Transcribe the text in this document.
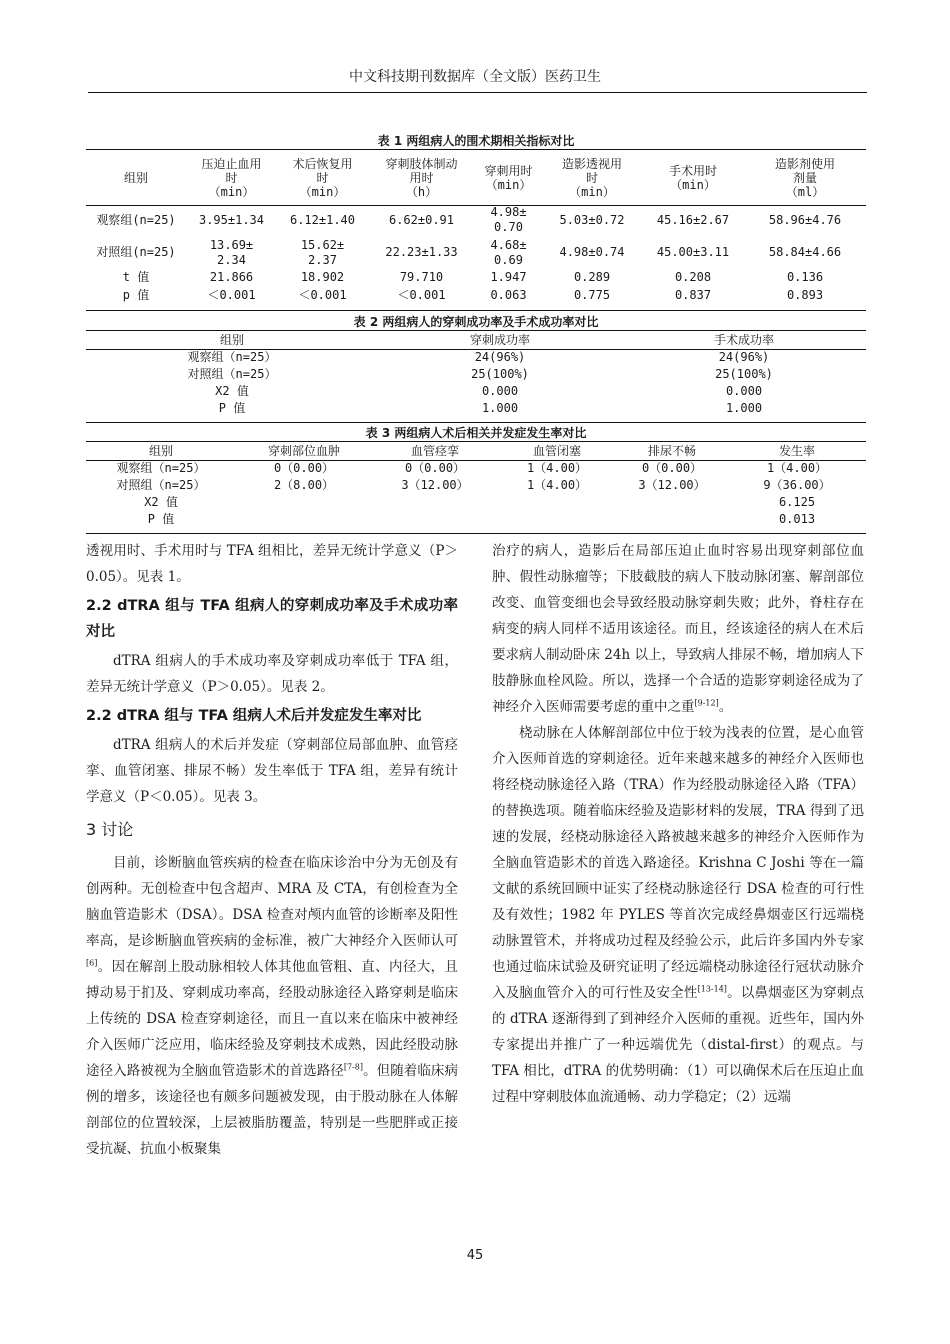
中文科技期刊数据库（全文版）医药卫生
表 1 两组病人的围术期相关指标对比
组别	压迫止血用
时
（min）	术后恢复用
时
（min）	穿刺肢体制动
用时
（h）	穿刺用时
（min）	造影透视用
时
（min）	手术用时
（min）	造影剂使用
剂量
（ml）
观察组(n=25)	3.95±1.34	6.12±1.40	6.62±0.91	4.98±
0.70	5.03±0.72	45.16±2.67	58.96±4.76
对照组(n=25)	13.69±
2.34	15.62±
2.37	22.23±1.33	4.68±
0.69	4.98±0.74	45.00±3.11	58.84±4.66
t 值	21.866	18.902	79.710	1.947	0.289	0.208	0.136
p 值	＜0.001	＜0.001	＜0.001	0.063	0.775	0.837	0.893
表 2 两组病人的穿刺成功率及手术成功率对比
组别	穿刺成功率	手术成功率
观察组（n=25）	24(96%)	24(96%)
对照组（n=25）	25(100%)	25(100%)
X2 值	0.000	0.000
P 值	1.000	1.000
表 3 两组病人术后相关并发症发生率对比
组别	穿刺部位血肿	血管痉挛	血管闭塞	排尿不畅	发生率
观察组（n=25）	0（0.00）	0（0.00）	1（4.00）	0（0.00）	1（4.00）
对照组（n=25）	2（8.00）	3（12.00）	1（4.00）	3（12.00）	9（36.00）
X2 值					6.125
P 值					0.013

透视用时、手术用时与 TFA 组相比，差异无统计学意义（P＞0.05）。见表 1。

2.2 dTRA 组与 TFA 组病人的穿刺成功率及手术成功率对比

dTRA 组病人的手术成功率及穿刺成功率低于 TFA 组，差异无统计学意义（P＞0.05）。见表 2。

2.2 dTRA 组与 TFA 组病人术后并发症发生率对比

dTRA 组病人的术后并发症（穿刺部位局部血肿、血管痉挛、血管闭塞、排尿不畅）发生率低于 TFA 组，差异有统计学意义（P＜0.05）。见表 3。

3 讨论

目前，诊断脑血管疾病的检查在临床诊治中分为无创及有创两种。无创检查中包含超声、MRA 及 CTA，有创检查为全脑血管造影术（DSA）。DSA 检查对颅内血管的诊断率及阳性率高，是诊断脑血管疾病的金标准，被广大神经介入医师认可[6]。因在解剖上股动脉相较人体其他血管粗、直、内径大，且搏动易于扪及、穿刺成功率高，经股动脉途径入路穿刺是临床上传统的 DSA 检查穿刺途径，而且一直以来在临床中被神经介入医师广泛应用，临床经验及穿刺技术成熟，因此经股动脉途径入路被视为全脑血管造影术的首选路径[7-8]。但随着临床病例的增多，该途径也有颇多问题被发现，由于股动脉在人体解剖部位的位置较深，上层被脂肪覆盖，特别是一些肥胖或正接受抗凝、抗血小板聚集

治疗的病人，造影后在局部压迫止血时容易出现穿刺部位血肿、假性动脉瘤等；下肢截肢的病人下肢动脉闭塞、解剖部位改变、血管变细也会导致经股动脉穿刺失败；此外，脊柱存在病变的病人同样不适用该途径。而且，经该途径的病人在术后要求病人制动卧床 24h 以上，导致病人排尿不畅，增加病人下肢静脉血栓风险。所以，选择一个合适的造影穿刺途径成为了神经介入医师需要考虑的重中之重[9-12]。

桡动脉在人体解剖部位中位于较为浅表的位置，是心血管介入医师首选的穿刺途径。近年来越来越多的神经介入医师也将经桡动脉途径入路（TRA）作为经股动脉途径入路（TFA）的替换选项。随着临床经验及造影材料的发展，TRA 得到了迅速的发展，经桡动脉途径入路被越来越多的神经介入医师作为全脑血管造影术的首选入路途径。Krishna C Joshi 等在一篇文献的系统回顾中证实了经桡动脉途径行 DSA 检查的可行性及有效性；1982 年 PYLES 等首次完成经鼻烟壶区行远端桡动脉置管术，并将成功过程及经验公示，此后许多国内外专家也通过临床试验及研究证明了经远端桡动脉途径行冠状动脉介入及脑血管介入的可行性及安全性[13-14]。以鼻烟壶区为穿刺点的 dTRA 逐渐得到了到神经介入医师的重视。近些年，国内外专家提出并推广了一种远端优先（distal-first）的观点。与 TFA 相比，dTRA 的优势明确：（1）可以确保术后在压迫止血过程中穿刺肢体血流通畅、动力学稳定；（2）远端

45
